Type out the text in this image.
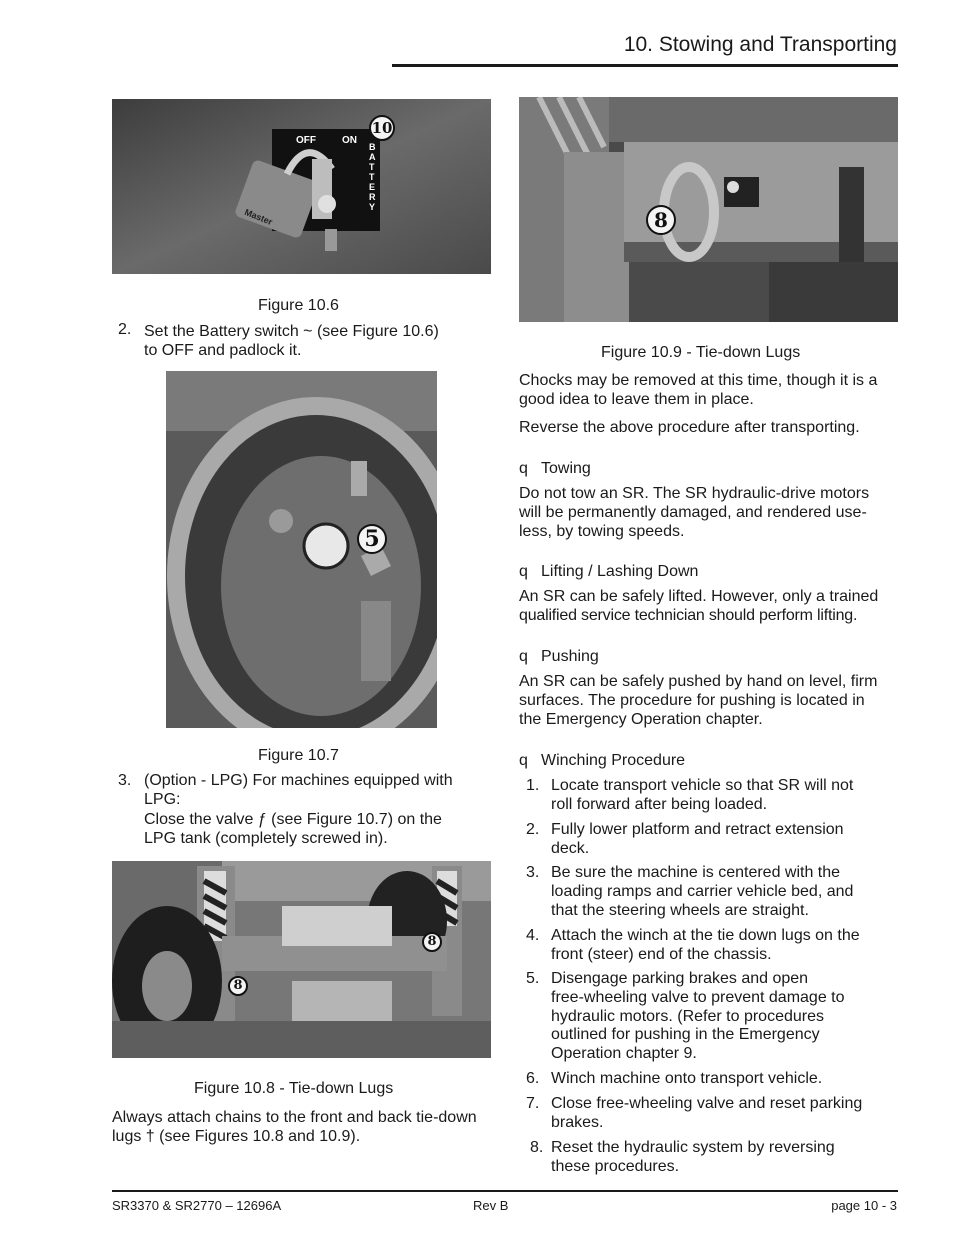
10. Stowing and Transporting
OFF	ON
BATTERY
Master
10
Figure 10.6
2. Set the Battery switch ~ (see Figure 10.6)
to OFF and padlock it.
5
Figure 10.7
3. (Option - LPG) For machines equipped with
LPG:
Close the valve ƒ (see Figure 10.7) on the
LPG tank (completely screwed in).
8
8
Figure 10.8 - Tie-down Lugs
Always attach chains to the front and back tie-down
lugs † (see Figures 10.8 and 10.9).
8
Figure 10.9 - Tie-down Lugs
Chocks may be removed at this time, though it is a
good idea to leave them in place.
Reverse the above procedure after transporting.
q Towing
Do not tow an SR. The SR hydraulic-drive motors
will be permanently damaged, and rendered use-
less, by towing speeds.
q Lifting / Lashing Down
An SR can be safely lifted. However, only a trained
qualified service technician should perform lifting.
q Pushing
An SR can be safely pushed by hand on level, firm
surfaces. The procedure for pushing is located in
the Emergency Operation chapter.
q Winching Procedure
1. Locate transport vehicle so that SR will not
roll forward after being loaded.
2. Fully lower platform and retract extension
deck.
3. Be sure the machine is centered with the
loading ramps and carrier vehicle bed, and
that the steering wheels are straight.
4. Attach the winch at the tie down lugs on the
front (steer) end of the chassis.
5. Disengage parking brakes and open
free-wheeling valve to prevent damage to
hydraulic motors. (Refer to procedures
outlined for pushing in the Emergency
Operation chapter 9.
6. Winch machine onto transport vehicle.
7. Close free-wheeling valve and reset parking
brakes.
8. Reset the hydraulic system by reversing
these procedures.
SR3370 & SR2770 – 12696A	Rev B	page 10 - 3
